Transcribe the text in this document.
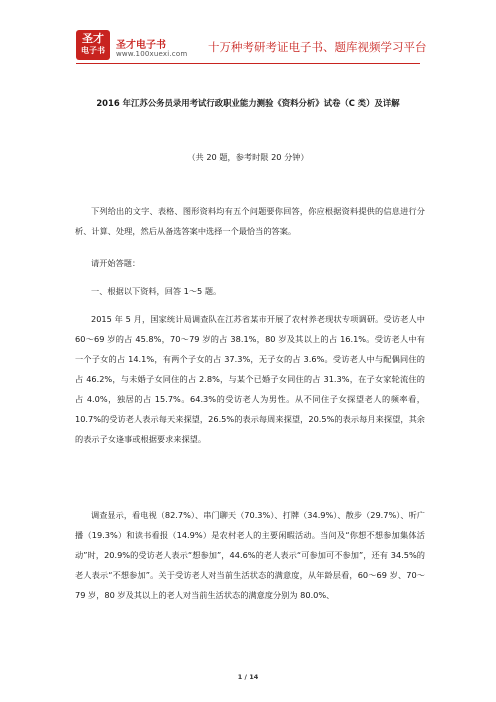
圣才
电子书	圣才电子书
www.100xuexi.com 十万种考研考证电子书、题库视频学习平台
2016 年江苏公务员录用考试行政职业能力测验《资料分析》试卷（C 类）及详解
（共 20 题，参考时限 20 分钟）

下列给出的文字、表格、图形资料均有五个问题要你回答，你应根据资料提供的信息进行分析、计算、处理，然后从备选答案中选择一个最恰当的答案。

请开始答题：

一、根据以下资料，回答 1～5 题。

2015 年 5 月，国家统计局调查队在江苏省某市开展了农村养老现状专项调研。受访老人中 60～69 岁的占 45.8%，70～79 岁的占 38.1%，80 岁及其以上的占 16.1%。受访老人中有一个子女的占 14.1%，有两个子女的占 37.3%，无子女的占 3.6%。受访老人中与配偶同住的占 46.2%，与未婚子女同住的占 2.8%，与某个已婚子女同住的占 31.3%，在子女家轮流住的占 4.0%，独居的占 15.7%。64.3%的受访老人为男性。从不同住子女探望老人的频率看，10.7%的受访老人表示每天来探望，26.5%的表示每周来探望，20.5%的表示每月来探望，其余的表示子女逢事或根据要求来探望。

调查显示，看电视（82.7%）、串门聊天（70.3%）、打牌（34.9%）、散步（29.7%）、听广播（19.3%）和读书看报（14.9%）是农村老人的主要闲暇活动。当问及“你想不想参加集体活动”时，20.9%的受访老人表示“想参加”，44.6%的老人表示“可参加可不参加”，还有 34.5%的老人表示“不想参加”。关于受访老人对当前生活状态的满意度，从年龄层看，60～69 岁、70～79 岁，80 岁及其以上的老人对当前生活状态的满意度分别为 80.0%、

1 / 14
